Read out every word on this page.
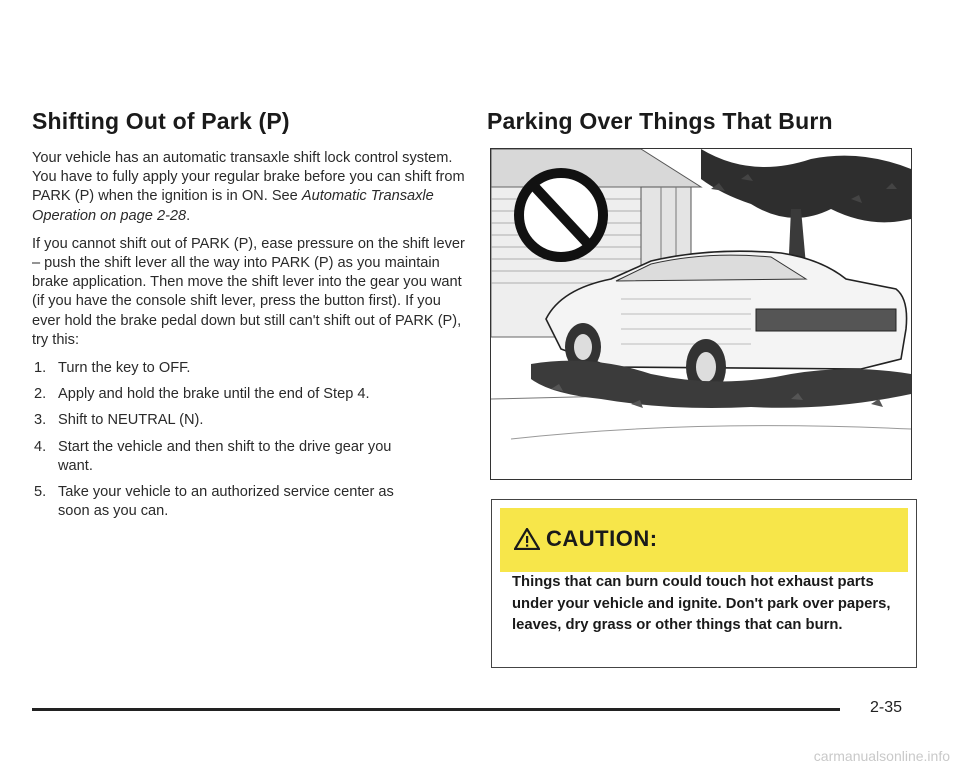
Shifting Out of Park (P)

Your vehicle has an automatic transaxle shift lock control system. You have to fully apply your regular brake before you can shift from PARK (P) when the ignition is in ON. See Automatic Transaxle Operation on page 2-28.

If you cannot shift out of PARK (P), ease pressure on the shift lever – push the shift lever all the way into PARK (P) as you maintain brake application. Then move the shift lever into the gear you want (if you have the console shift lever, press the button first). If you ever hold the brake pedal down but still can't shift out of PARK (P), try this:

1. Turn the key to OFF.
2. Apply and hold the brake until the end of Step 4.
3. Shift to NEUTRAL (N).
4. Start the vehicle and then shift to the drive gear you want.
5. Take your vehicle to an authorized service center as soon as you can.
Parking Over Things That Burn
CAUTION:
Things that can burn could touch hot exhaust parts under your vehicle and ignite. Don't park over papers, leaves, dry grass or other things that can burn.
2-35
carmanualsonline.info
